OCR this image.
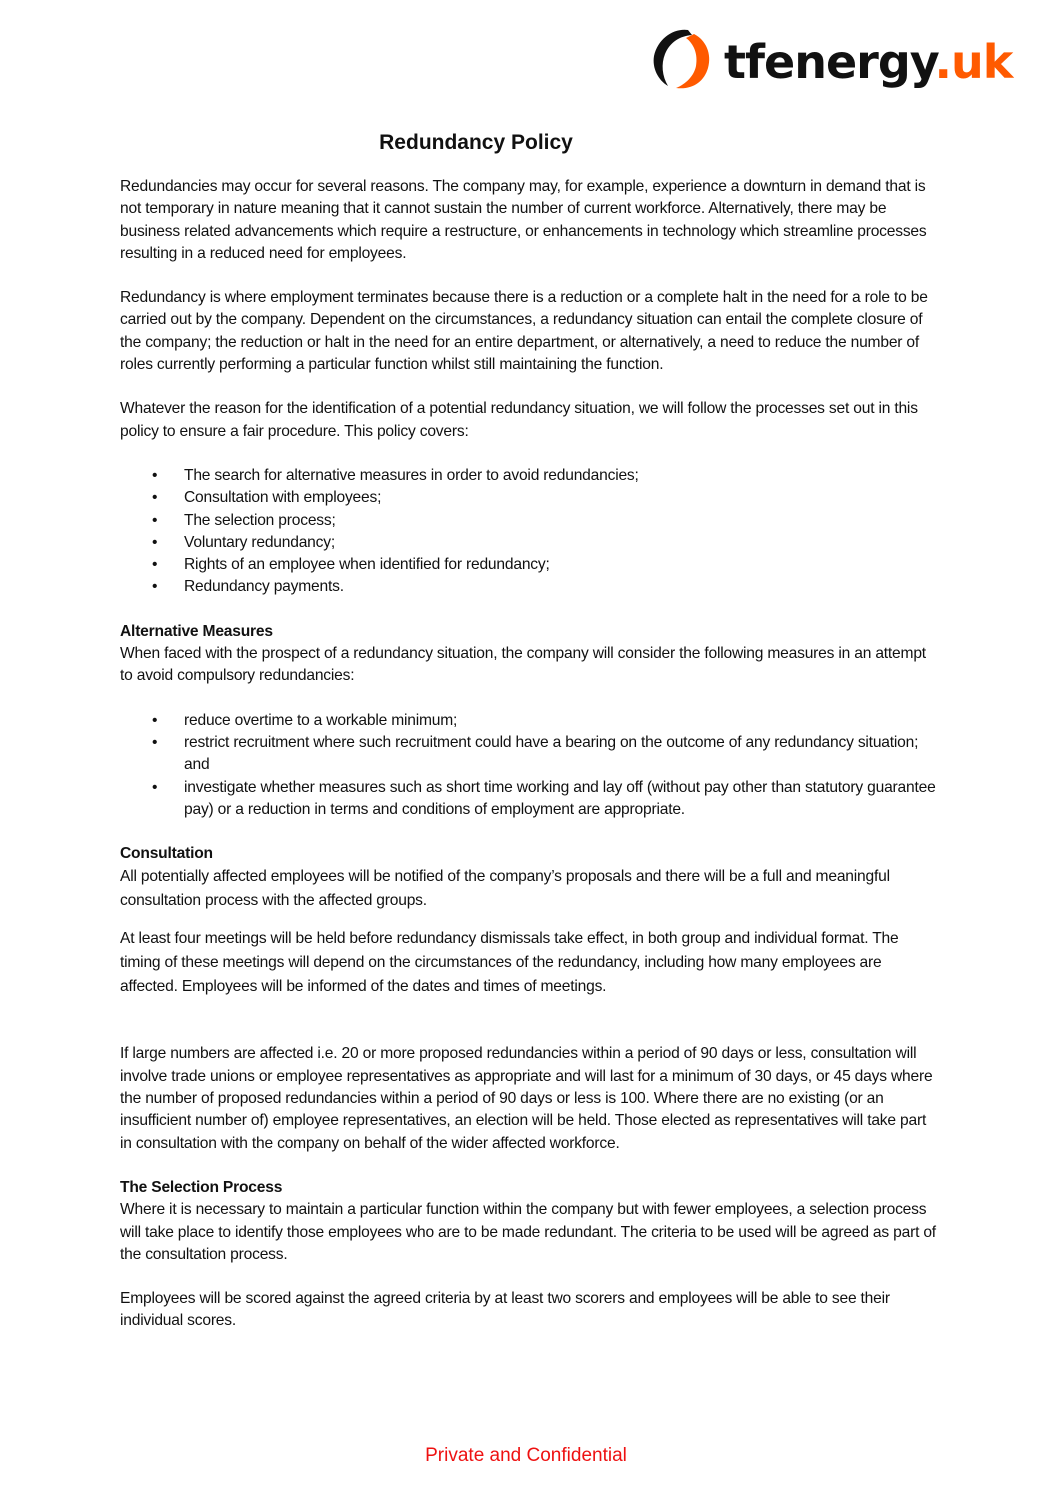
tfenergy.uk
Redundancy Policy

Redundancies may occur for several reasons. The company may, for example, experience a downturn in demand that is not temporary in nature meaning that it cannot sustain the number of current workforce. Alternatively, there may be business related advancements which require a restructure, or enhancements in technology which streamline processes resulting in a reduced need for employees.

Redundancy is where employment terminates because there is a reduction or a complete halt in the need for a role to be carried out by the company. Dependent on the circumstances, a redundancy situation can entail the complete closure of the company; the reduction or halt in the need for an entire department, or alternatively, a need to reduce the number of roles currently performing a particular function whilst still maintaining the function.

Whatever the reason for the identification of a potential redundancy situation, we will follow the processes set out in this policy to ensure a fair procedure. This policy covers:

• The search for alternative measures in order to avoid redundancies;
• Consultation with employees;
• The selection process;
• Voluntary redundancy;
• Rights of an employee when identified for redundancy;
• Redundancy payments.
Alternative Measures

When faced with the prospect of a redundancy situation, the company will consider the following measures in an attempt to avoid compulsory redundancies:

• reduce overtime to a workable minimum;
• restrict recruitment where such recruitment could have a bearing on the outcome of any redundancy situation; and
• investigate whether measures such as short time working and lay off (without pay other than statutory guarantee pay) or a reduction in terms and conditions of employment are appropriate.
Consultation

All potentially affected employees will be notified of the company’s proposals and there will be a full and meaningful consultation process with the affected groups.

At least four meetings will be held before redundancy dismissals take effect, in both group and individual format. The timing of these meetings will depend on the circumstances of the redundancy, including how many employees are affected. Employees will be informed of the dates and times of meetings.

If large numbers are affected i.e. 20 or more proposed redundancies within a period of 90 days or less, consultation will involve trade unions or employee representatives as appropriate and will last for a minimum of 30 days, or 45 days where the number of proposed redundancies within a period of 90 days or less is 100. Where there are no existing (or an insufficient number of) employee representatives, an election will be held. Those elected as representatives will take part in consultation with the company on behalf of the wider affected workforce.

The Selection Process

Where it is necessary to maintain a particular function within the company but with fewer employees, a selection process will take place to identify those employees who are to be made redundant. The criteria to be used will be agreed as part of the consultation process.

Employees will be scored against the agreed criteria by at least two scorers and employees will be able to see their individual scores.

Private and Confidential
